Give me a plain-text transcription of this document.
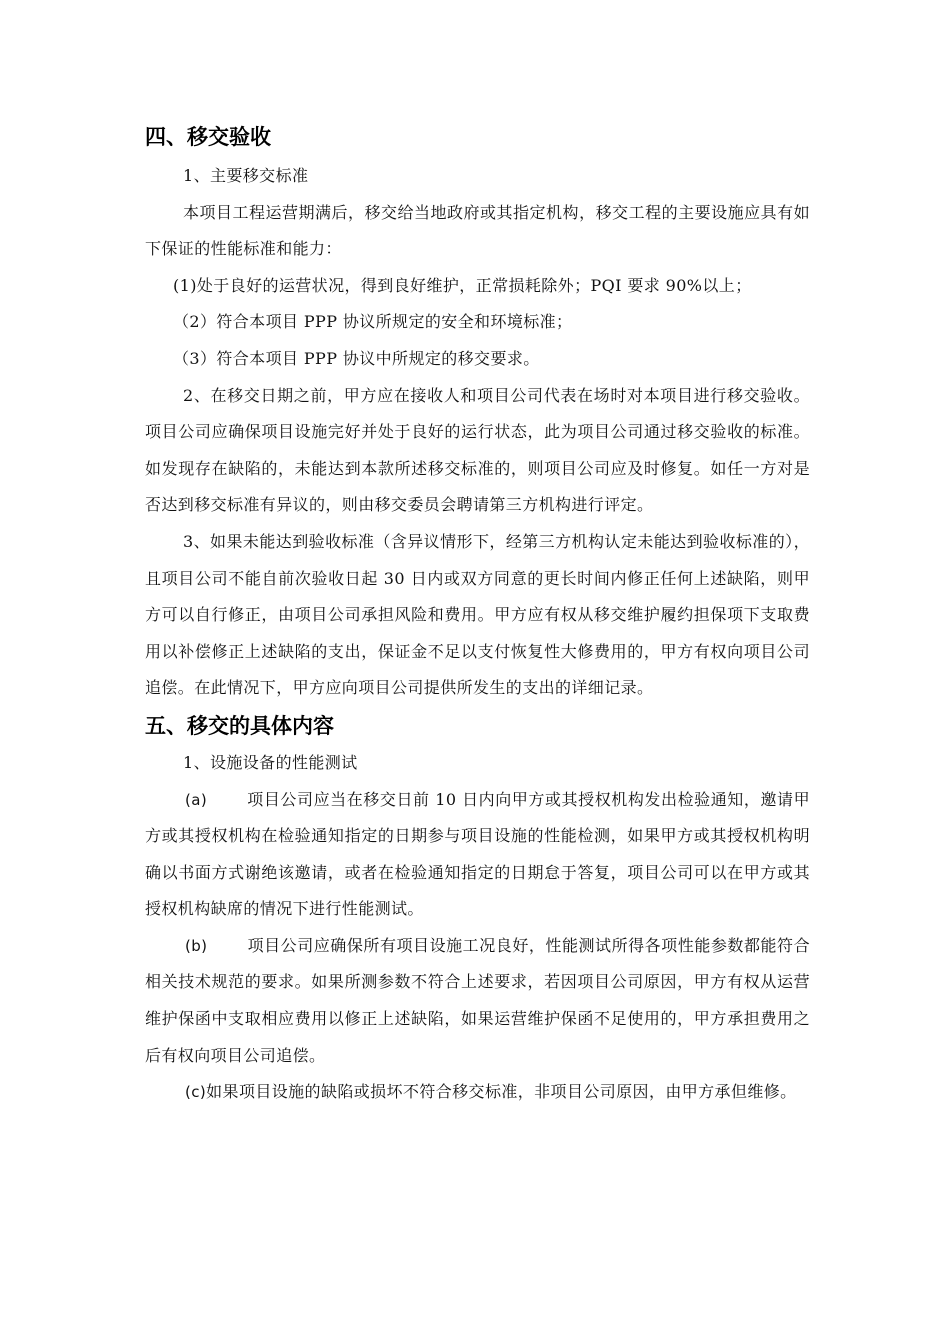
四、移交验收

1、主要移交标准

本项目工程运营期满后，移交给当地政府或其指定机构，移交工程的主要设施应具有如下保证的性能标准和能力：

(1)处于良好的运营状况，得到良好维护，正常损耗除外；PQI 要求 90%以上；

（2）符合本项目 PPP 协议所规定的安全和环境标准；

（3）符合本项目 PPP 协议中所规定的移交要求。

2、在移交日期之前，甲方应在接收人和项目公司代表在场时对本项目进行移交验收。项目公司应确保项目设施完好并处于良好的运行状态，此为项目公司通过移交验收的标准。如发现存在缺陷的，未能达到本款所述移交标准的，则项目公司应及时修复。如任一方对是否达到移交标准有异议的，则由移交委员会聘请第三方机构进行评定。

3、如果未能达到验收标准（含异议情形下，经第三方机构认定未能达到验收标准的），且项目公司不能自前次验收日起 30 日内或双方同意的更长时间内修正任何上述缺陷，则甲方可以自行修正，由项目公司承担风险和费用。甲方应有权从移交维护履约担保项下支取费用以补偿修正上述缺陷的支出，保证金不足以支付恢复性大修费用的，甲方有权向项目公司追偿。在此情况下，甲方应向项目公司提供所发生的支出的详细记录。

五、移交的具体内容

1、设施设备的性能测试

(a)	项目公司应当在移交日前 10 日内向甲方或其授权机构发出检验通知，邀请甲方或其授权机构在检验通知指定的日期参与项目设施的性能检测，如果甲方或其授权机构明确以书面方式谢绝该邀请，或者在检验通知指定的日期怠于答复，项目公司可以在甲方或其授权机构缺席的情况下进行性能测试。

(b)	项目公司应确保所有项目设施工况良好，性能测试所得各项性能参数都能符合相关技术规范的要求。如果所测参数不符合上述要求，若因项目公司原因，甲方有权从运营维护保函中支取相应费用以修正上述缺陷，如果运营维护保函不足使用的，甲方承担费用之后有权向项目公司追偿。

(c)如果项目设施的缺陷或损坏不符合移交标准，非项目公司原因，由甲方承但维修。
